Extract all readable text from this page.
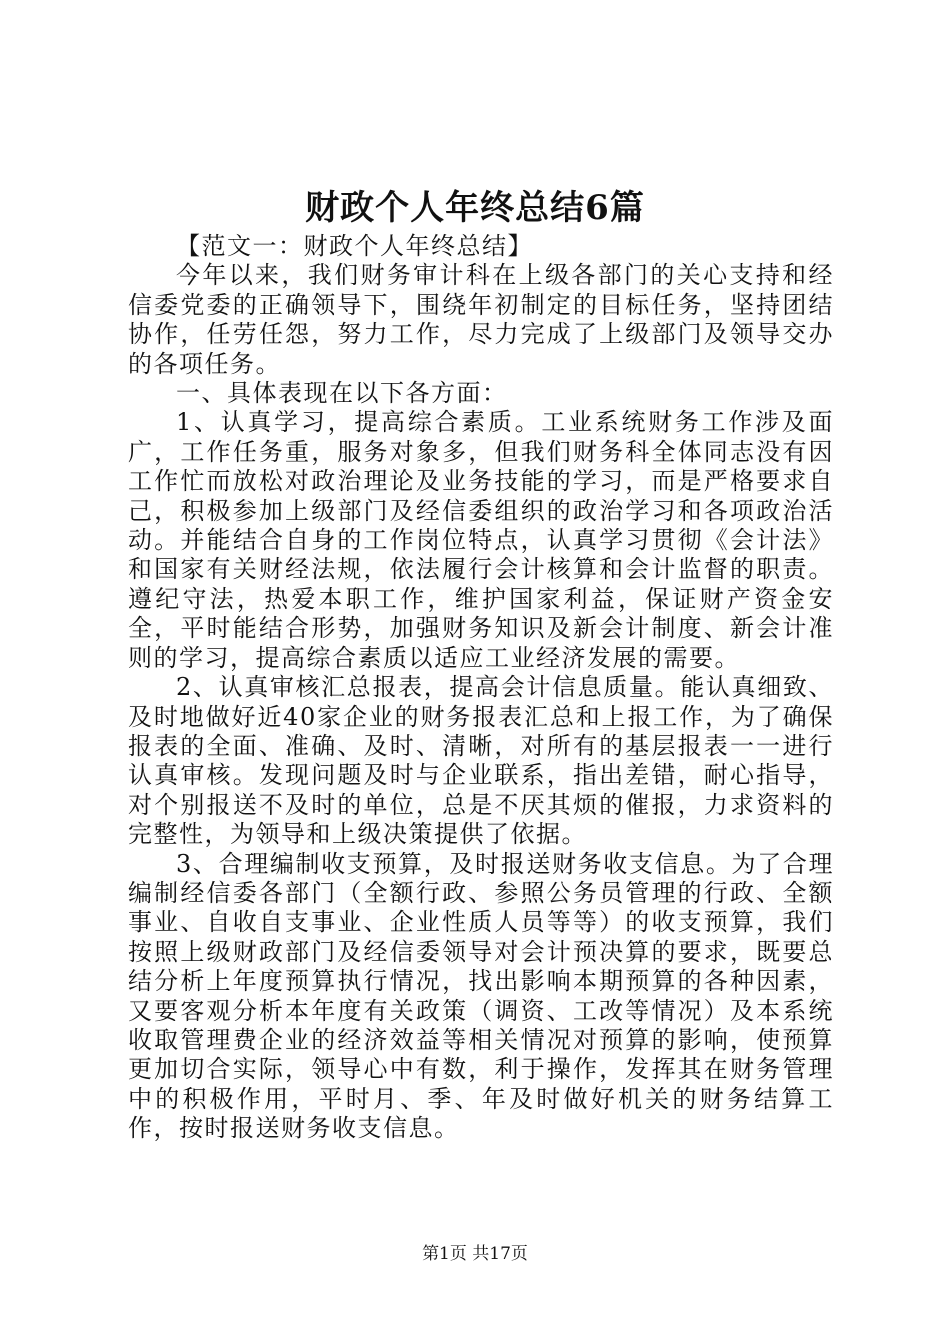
财政个人年终总结6篇

【范文一：财政个人年终总结】

今年以来，我们财务审计科在上级各部门的关心支持和经信委党委的正确领导下，围绕年初制定的目标任务，坚持团结协作，任劳任怨，努力工作，尽力完成了上级部门及领导交办的各项任务。

一、具体表现在以下各方面：

1、认真学习，提高综合素质。工业系统财务工作涉及面广，工作任务重，服务对象多，但我们财务科全体同志没有因工作忙而放松对政治理论及业务技能的学习，而是严格要求自己，积极参加上级部门及经信委组织的政治学习和各项政治活动。并能结合自身的工作岗位特点，认真学习贯彻《会计法》和国家有关财经法规，依法履行会计核算和会计监督的职责。遵纪守法，热爱本职工作，维护国家利益，保证财产资金安全，平时能结合形势，加强财务知识及新会计制度、新会计准则的学习，提高综合素质以适应工业经济发展的需要。

2、认真审核汇总报表，提高会计信息质量。能认真细致、及时地做好近40家企业的财务报表汇总和上报工作，为了确保报表的全面、准确、及时、清晰，对所有的基层报表一一进行认真审核。发现问题及时与企业联系，指出差错，耐心指导，对个别报送不及时的单位，总是不厌其烦的催报，力求资料的完整性，为领导和上级决策提供了依据。

3、合理编制收支预算，及时报送财务收支信息。为了合理编制经信委各部门（全额行政、参照公务员管理的行政、全额事业、自收自支事业、企业性质人员等等）的收支预算，我们按照上级财政部门及经信委领导对会计预决算的要求，既要总结分析上年度预算执行情况，找出影响本期预算的各种因素，又要客观分析本年度有关政策（调资、工改等情况）及本系统收取管理费企业的经济效益等相关情况对预算的影响，使预算更加切合实际，领导心中有数，利于操作，发挥其在财务管理中的积极作用，平时月、季、年及时做好机关的财务结算工作，按时报送财务收支信息。

第1页 共17页
